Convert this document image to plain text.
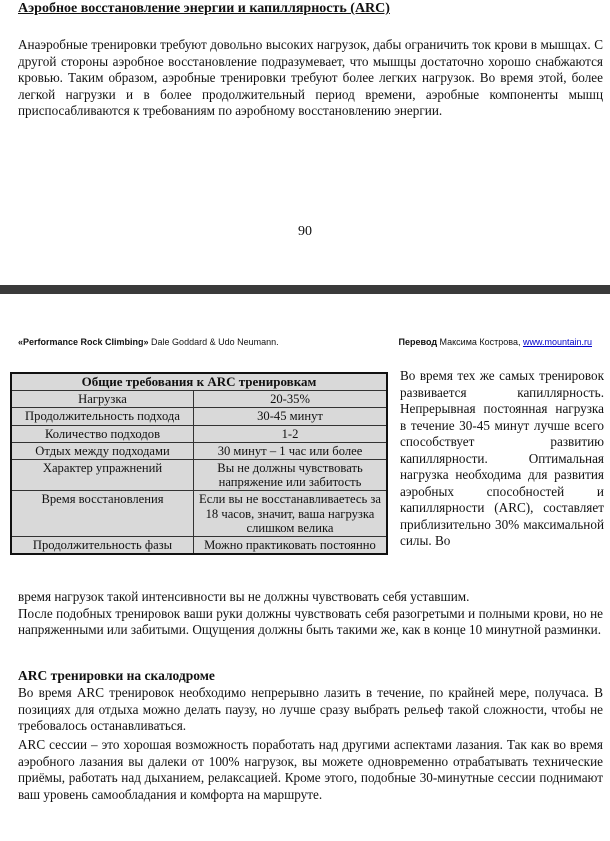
Аэробное восстановление энергии и капиллярность (ARC)

Анаэробные тренировки требуют довольно высоких нагрузок, дабы ограничить ток крови в мышцах. С другой стороны аэробное восстановление подразумевает, что мышцы достаточно хорошо снабжаются кровью. Таким образом, аэробные тренировки требуют более легких нагрузок. Во время этой, более легкой нагрузки и в более продолжительный период времени, аэробные компоненты мышц приспосабливаются к требованиям по аэробному восстановлению энергии.

90
«Performance Rock Climbing» Dale Goddard & Udo Neumann.	Перевод Максима Кострова, www.mountain.ru
Общие требования к ARC тренировкам	
Нагрузка	20-35%
Продолжительность подхода	30-45 минут
Количество подходов	1-2
Отдых между подходами	30 минут – 1 час или более
Характер упражнений	Вы не должны чувствовать напряжение или забитость
Время восстановления	Если вы не восстанавливаетесь за 18 часов, значит, ваша нагрузка слишком велика
Продолжительность фазы	Можно практиковать постоянно

Во время тех же самых тренировок развивается капиллярность. Непрерывная постоянная нагрузка в течение 30-45 минут лучше всего способствует развитию капиллярности. Оптимальная нагрузка необходима для развития аэробных способностей и капиллярности (ARC), составляет приблизительно 30% максимальной силы. Во

время нагрузок такой интенсивности вы не должны чувствовать себя уставшим.
После подобных тренировок ваши руки должны чувствовать себя разогретыми и полными крови, но не напряженными или забитыми. Ощущения должны быть такими же, как в конце 10 минутной разминки.

ARC тренировки на скалодроме

Во время ARC тренировок необходимо непрерывно лазить в течение, по крайней мере, получаса. В позициях для отдыха можно делать паузу, но лучше сразу выбрать рельеф такой сложности, чтобы не требовалось останавливаться.

ARC сессии – это хорошая возможность поработать над другими аспектами лазания. Так как во время аэробного лазания вы далеки от 100% нагрузок, вы можете одновременно отрабатывать технические приёмы, работать над дыханием, релаксацией. Кроме этого, подобные 30-минутные сессии поднимают ваш уровень самообладания и комфорта на маршруте.
